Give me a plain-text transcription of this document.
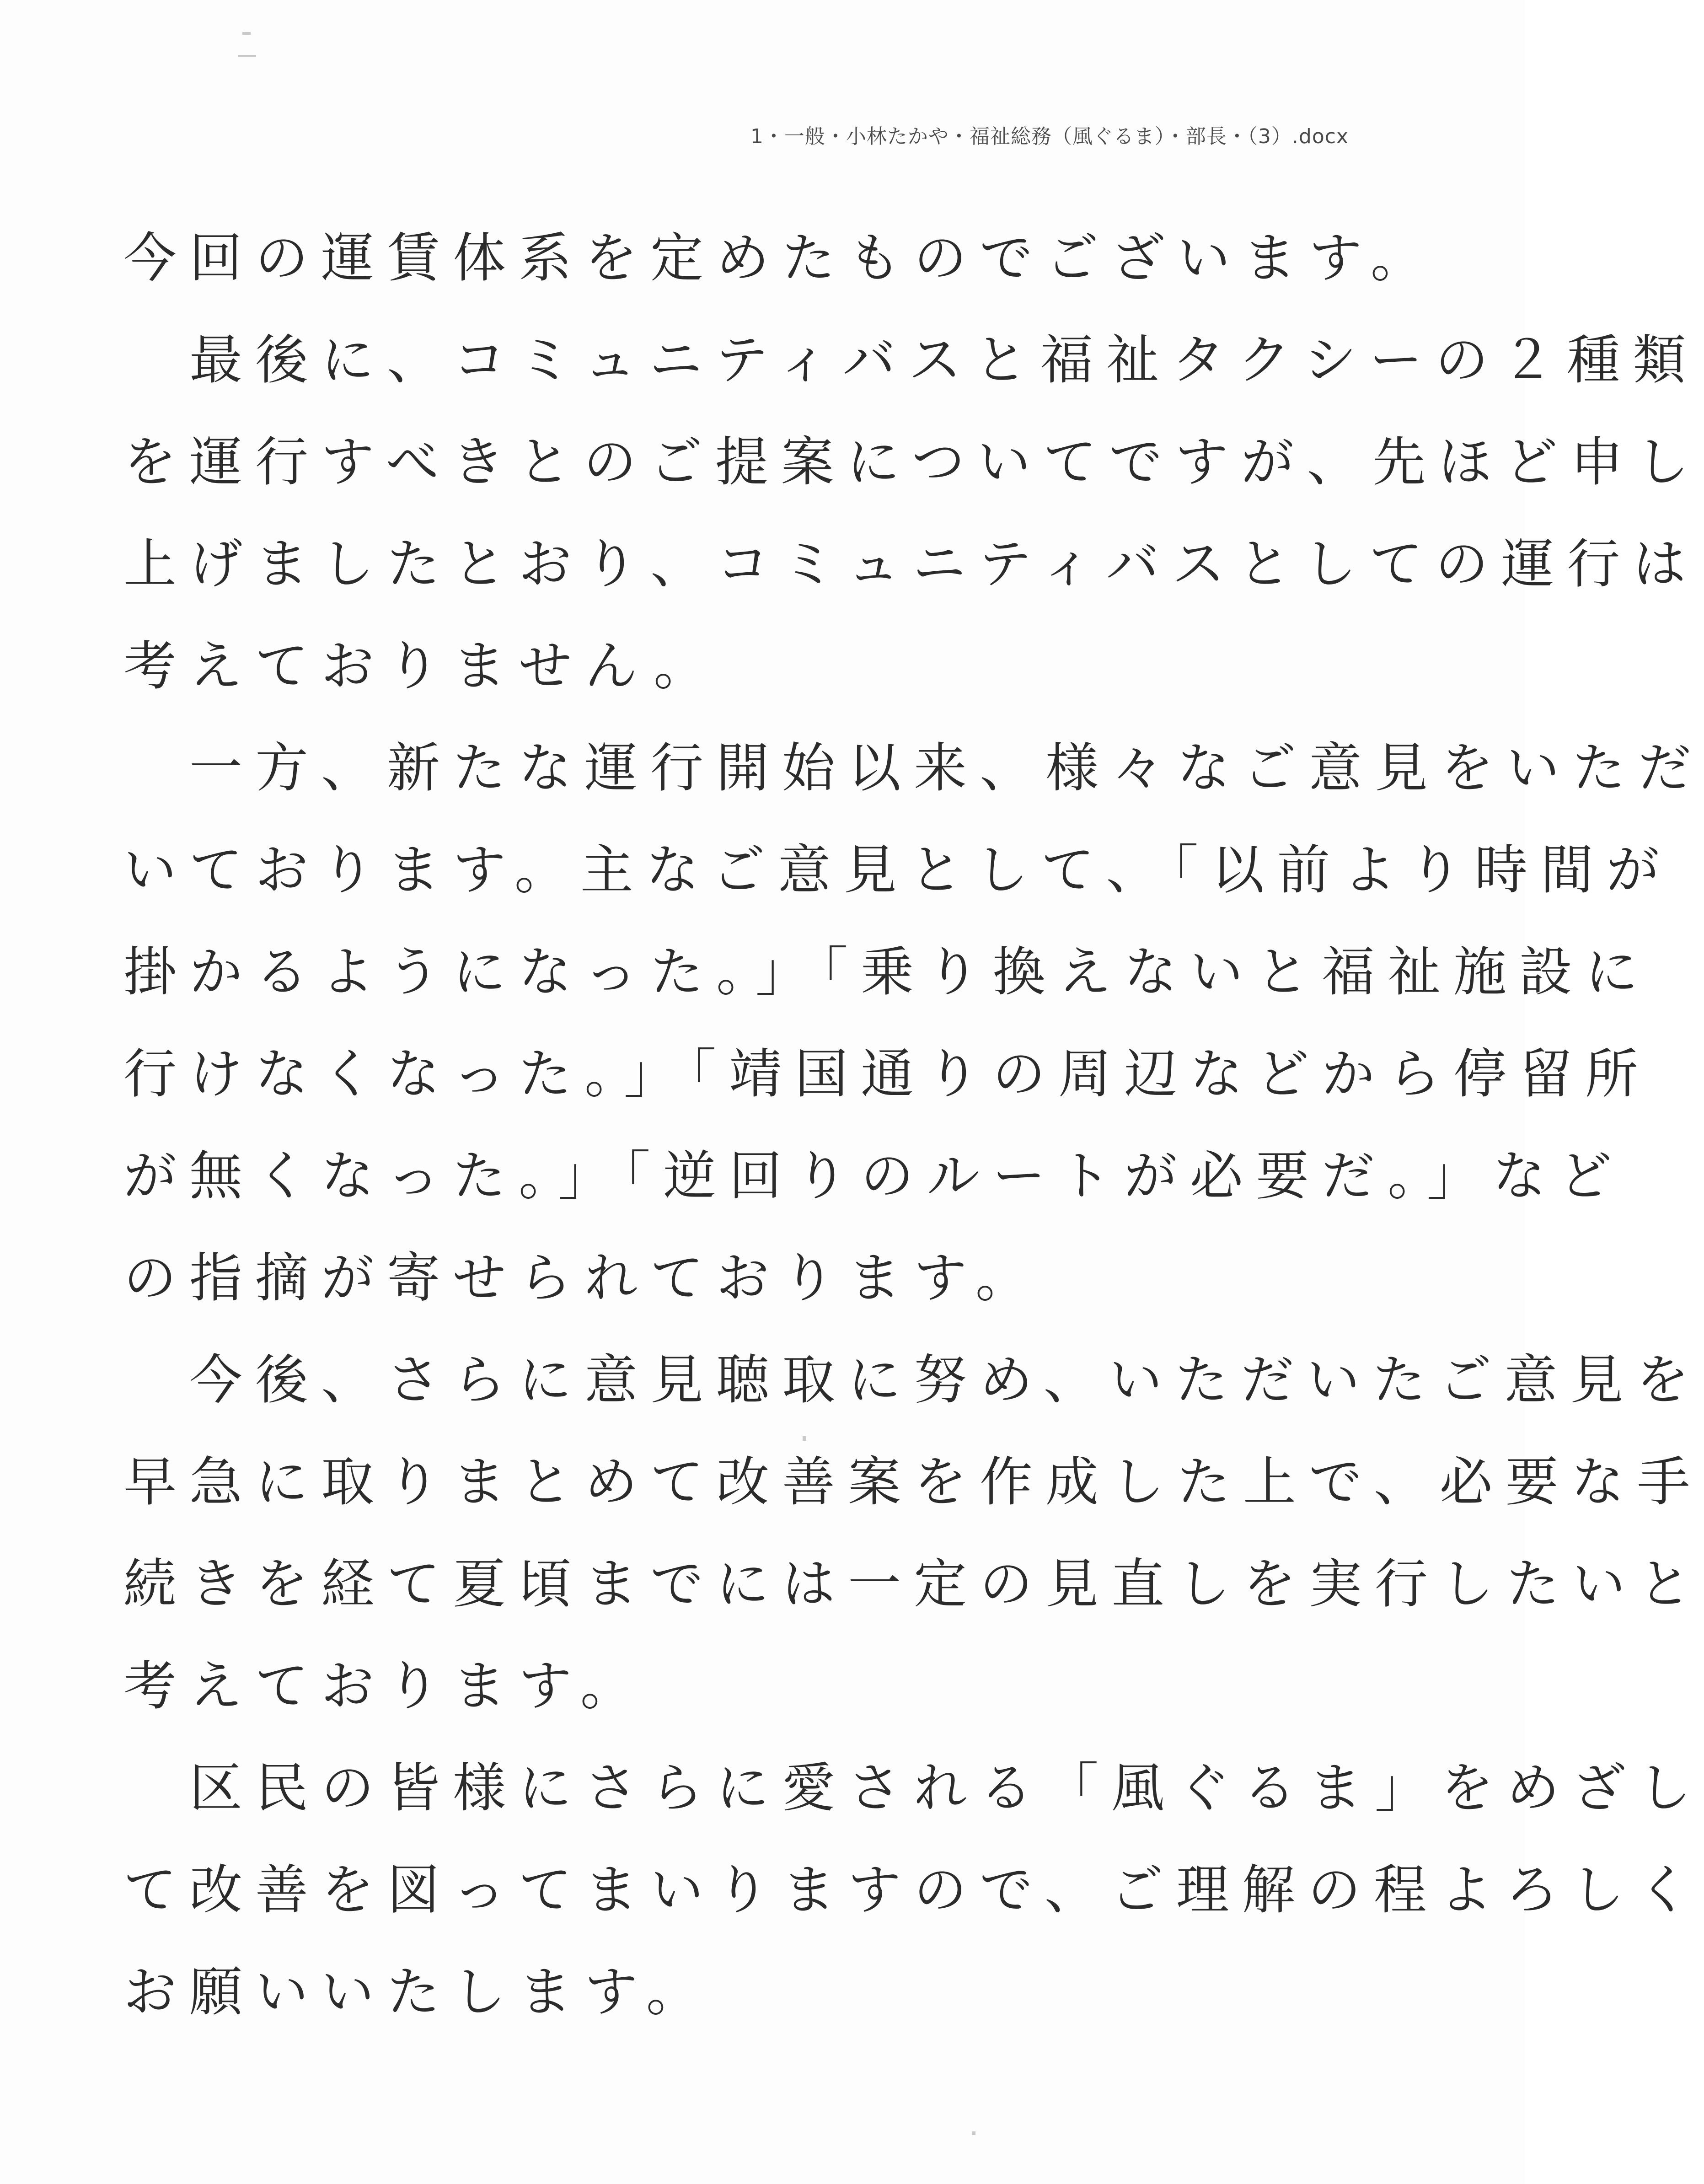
1・一般・小林たかや・福祉総務（風ぐるま）・部長・（3）.docx
今回の運賃体系を定めたものでございます。
　最後に、コミュニティバスと福祉タクシーの２種類
を運行すべきとのご提案についてですが、先ほど申し
上げましたとおり、コミュニティバスとしての運行は
考えておりません。
　一方、新たな運行開始以来、様々なご意見をいただ
いております。主なご意見として、「以前より時間が
掛かるようになった。」「乗り換えないと福祉施設に
行けなくなった。」「靖国通りの周辺などから停留所
が無くなった。」「逆回りのルートが必要だ。」など
の指摘が寄せられております。
　今後、さらに意見聴取に努め、いただいたご意見を
早急に取りまとめて改善案を作成した上で、必要な手
続きを経て夏頃までには一定の見直しを実行したいと
考えております。
　区民の皆様にさらに愛される「風ぐるま」をめざし
て改善を図ってまいりますので、ご理解の程よろしく
お願いいたします。
